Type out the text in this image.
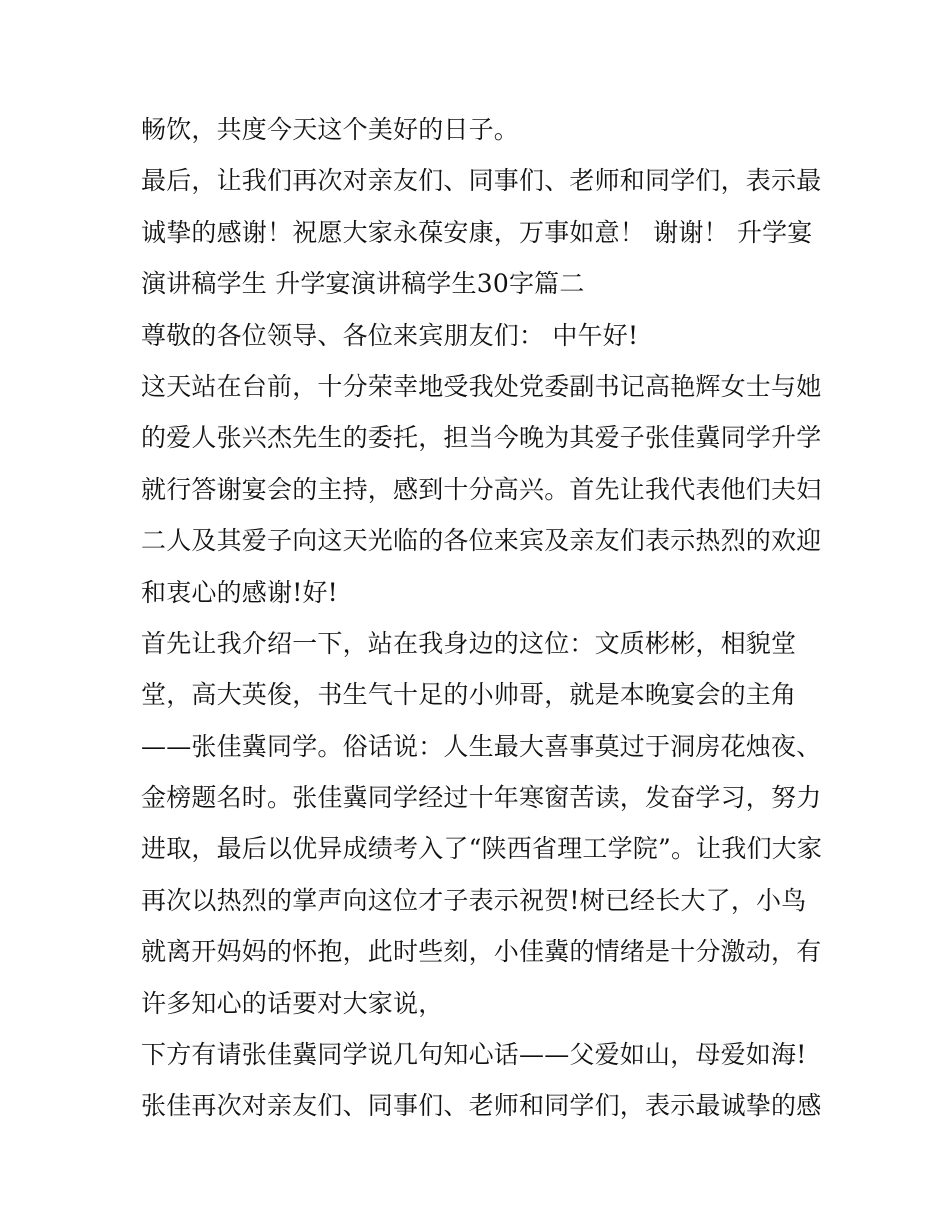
畅饮，共度今天这个美好的日子。
最后，让我们再次对亲友们、同事们、老师和同学们，表示最
诚挚的感谢！祝愿大家永葆安康，万事如意！ 谢谢！ 升学宴
演讲稿学生 升学宴演讲稿学生30字篇二
尊敬的各位领导、各位来宾朋友们： 中午好!
这天站在台前，十分荣幸地受我处党委副书记高艳辉女士与她
的爱人张兴杰先生的委托，担当今晚为其爱子张佳冀同学升学
就行答谢宴会的主持，感到十分高兴。首先让我代表他们夫妇
二人及其爱子向这天光临的各位来宾及亲友们表示热烈的欢迎
和衷心的感谢!好!
首先让我介绍一下，站在我身边的这位：文质彬彬，相貌堂
堂，高大英俊，书生气十足的小帅哥，就是本晚宴会的主角
——张佳冀同学。俗话说：人生最大喜事莫过于洞房花烛夜、
金榜题名时。张佳冀同学经过十年寒窗苦读，发奋学习，努力
进取，最后以优异成绩考入了“陕西省理工学院”。让我们大家
再次以热烈的掌声向这位才子表示祝贺!树已经长大了，小鸟
就离开妈妈的怀抱，此时些刻，小佳冀的情绪是十分激动，有
许多知心的话要对大家说，
下方有请张佳冀同学说几句知心话——父爱如山，母爱如海!
张佳再次对亲友们、同事们、老师和同学们，表示最诚挚的感
